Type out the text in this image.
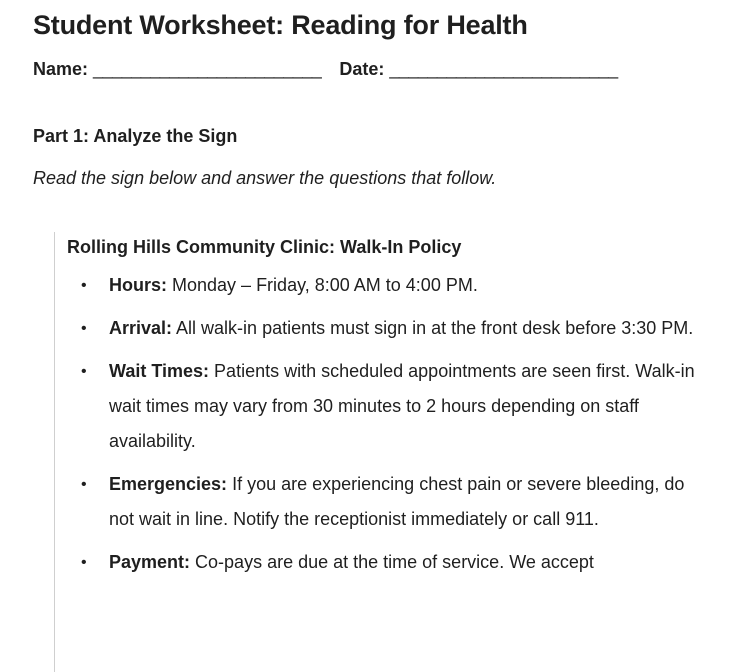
Student Worksheet: Reading for Health
Name: ________________________ Date: ________________________
Part 1: Analyze the Sign

Read the sign below and answer the questions that follow.

Rolling Hills Community Clinic: Walk-In Policy

• Hours: Monday – Friday, 8:00 AM to 4:00 PM.
• Arrival: All walk-in patients must sign in at the front desk before 3:30 PM.
• Wait Times: Patients with scheduled appointments are seen first. Walk-in wait times may vary from 30 minutes to 2 hours depending on staff availability.
• Emergencies: If you are experiencing chest pain or severe bleeding, do not wait in line. Notify the receptionist immediately or call 911.
• Payment: Co-pays are due at the time of service. We accept
